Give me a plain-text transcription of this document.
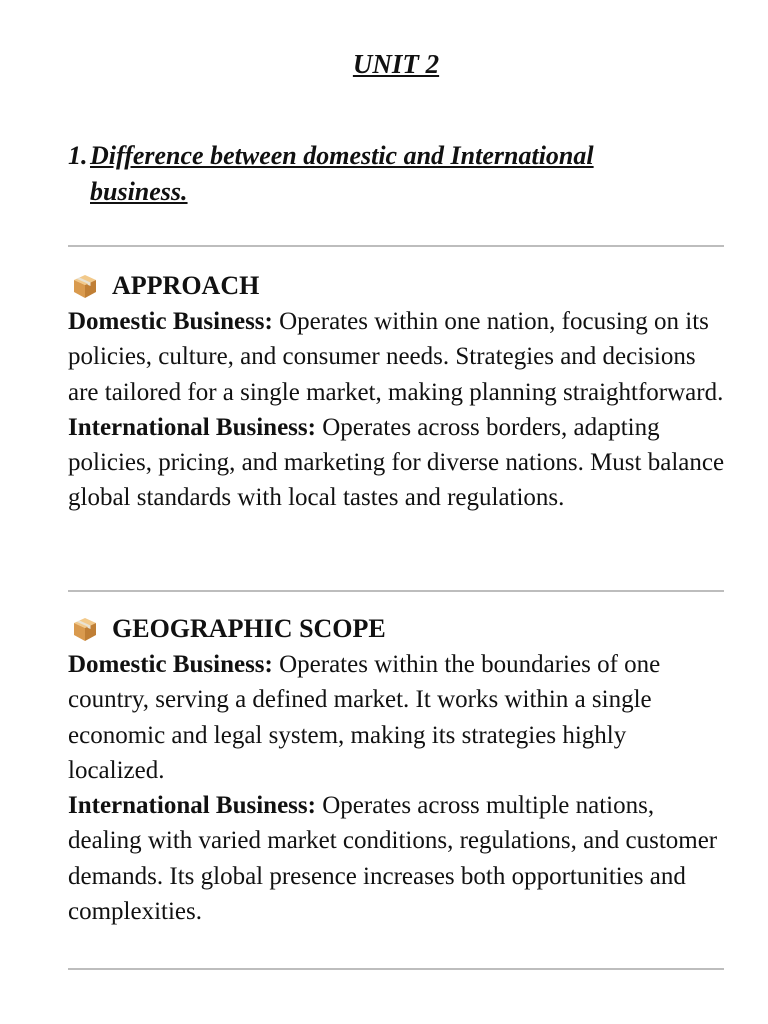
UNIT 2
1. Difference between domestic and International business.
APPROACH

Domestic Business: Operates within one nation, focusing on its policies, culture, and consumer needs. Strategies and decisions are tailored for a single market, making planning straightforward.

International Business: Operates across borders, adapting policies, pricing, and marketing for diverse nations. Must balance global standards with local tastes and regulations.

GEOGRAPHIC SCOPE

Domestic Business: Operates within the boundaries of one country, serving a defined market. It works within a single economic and legal system, making its strategies highly localized.

International Business: Operates across multiple nations, dealing with varied market conditions, regulations, and customer demands. Its global presence increases both opportunities and complexities.
